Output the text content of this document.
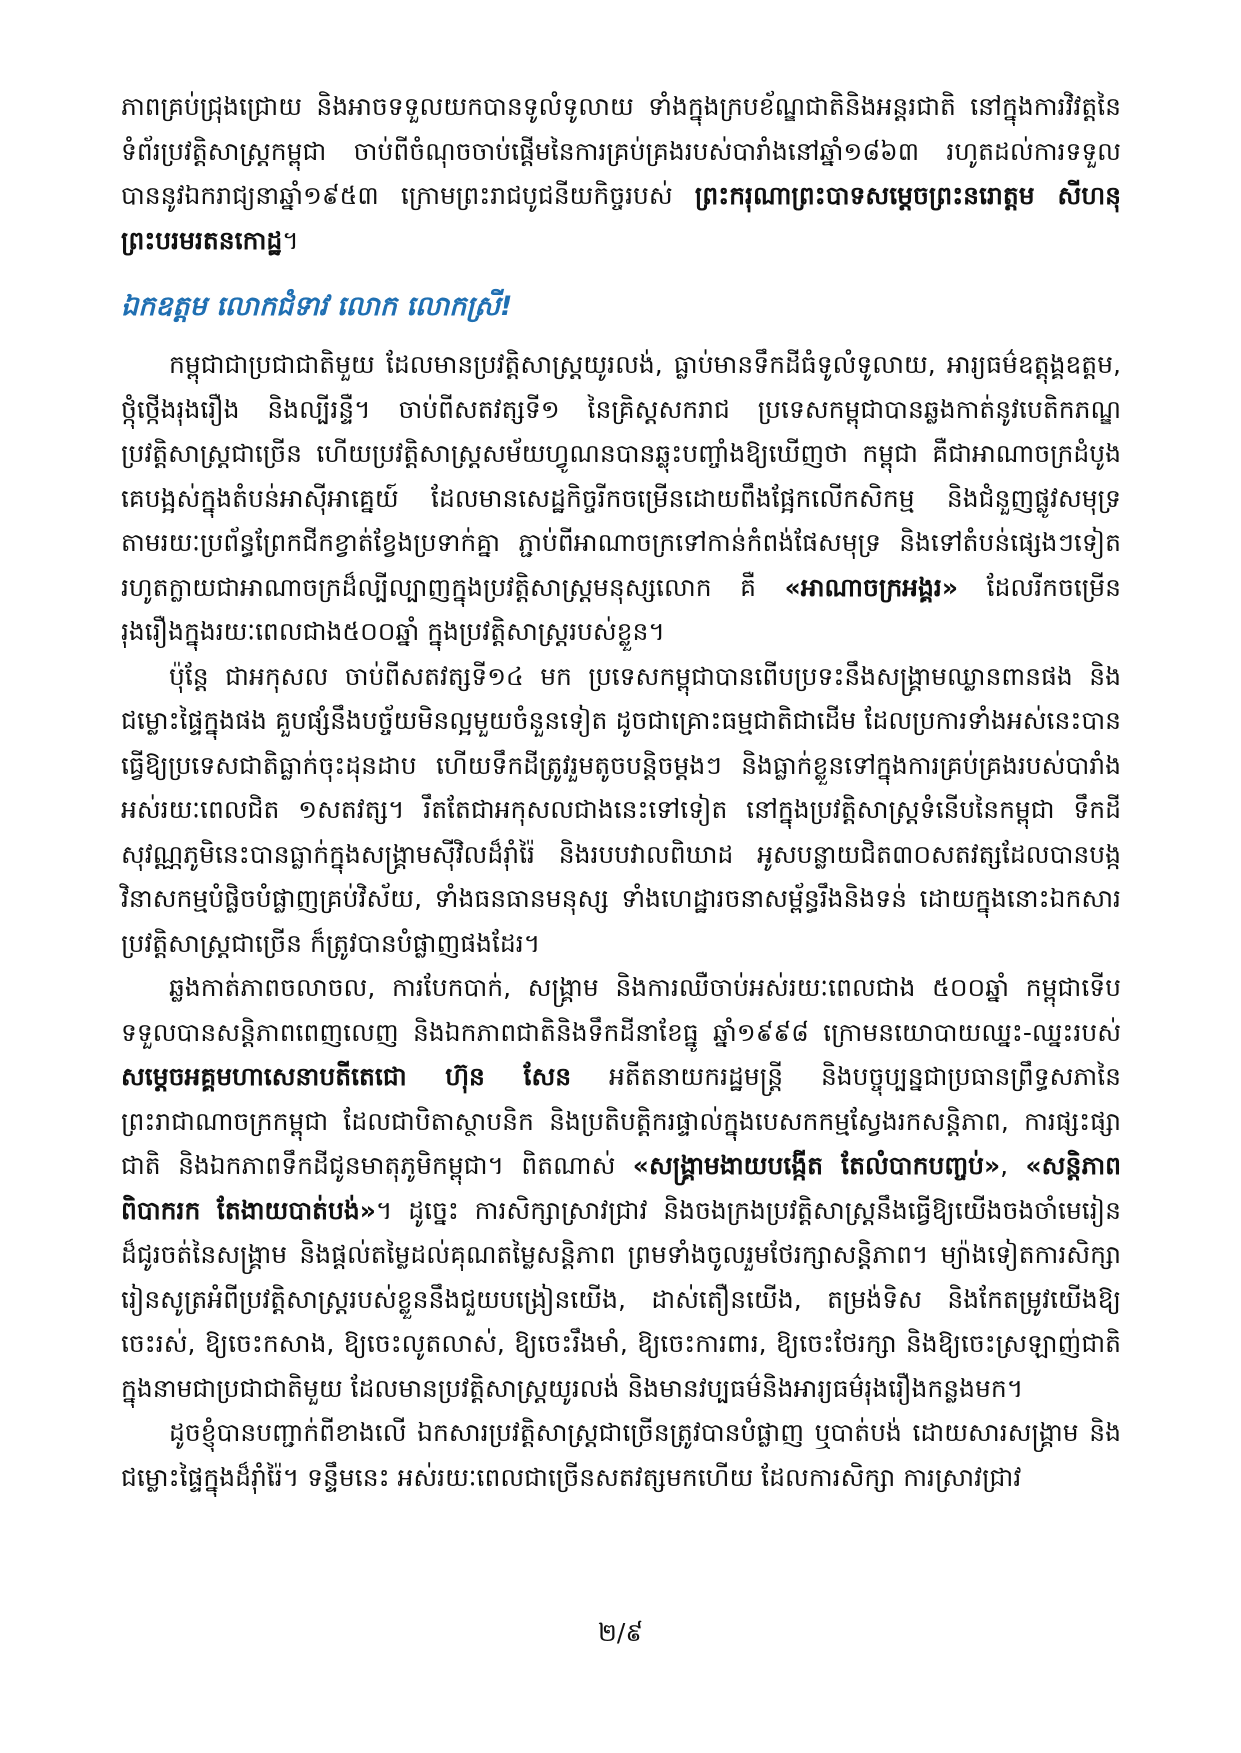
ភាពគ្រប់ជ្រុងជ្រោយ និងអាចទទួលយកបានទូលំទូលាយ ទាំងក្នុងក្របខ័ណ្ឌជាតិនិងអន្តរជាតិ នៅក្នុងការវិវត្តនៃទំព័រប្រវត្តិសាស្ត្រកម្ពុជា ចាប់ពីចំណុចចាប់ផ្ដើមនៃការគ្រប់គ្រងរបស់បារាំងនៅឆ្នាំ១៨៦៣ រហូតដល់ការទទួលបាននូវឯករាជ្យនាឆ្នាំ១៩៥៣ ក្រោមព្រះរាជបូជនីយកិច្ចរបស់ ព្រះករុណាព្រះបាទសម្ដេចព្រះនរោត្តម សីហនុ ព្រះបរមរតនកោដ្ឋ។

ឯកឧត្តម លោកជំទាវ លោក លោកស្រី!

កម្ពុជាជាប្រជាជាតិមួយ ដែលមានប្រវត្តិសាស្ត្រយូរលង់, ធ្លាប់មានទឹកដីធំទូលំទូលាយ, អារ្យធម៌ឧត្តុង្គឧត្តម, ថ្កុំថ្កើងរុងរឿង និងល្បីរន្ទឺ។ ចាប់ពីសតវត្សទី១ នៃគ្រិស្តសករាជ ប្រទេសកម្ពុជាបានឆ្លងកាត់នូវបេតិកភណ្ឌប្រវត្តិសាស្ត្រជាច្រើន ហើយប្រវត្តិសាស្ត្រសម័យហ្វូណនបានឆ្លុះបញ្ចាំងឱ្យឃើញថា កម្ពុជា គឺជាអាណាចក្រដំបូងគេបង្អស់ក្នុងតំបន់អាស៊ីអាគ្នេយ៍ ដែលមានសេដ្ឋកិច្ចរីកចម្រើនដោយពឹងផ្អែកលើកសិកម្ម និងជំនួញផ្លូវសមុទ្រតាមរយៈប្រព័ន្ធព្រែកជីកខ្វាត់ខ្វែងប្រទាក់គ្នា ភ្ជាប់ពីអាណាចក្រទៅកាន់កំពង់ផែសមុទ្រ និងទៅតំបន់ផ្សេងៗទៀត រហូតក្លាយជាអាណាចក្រដ៏ល្បីល្បាញក្នុងប្រវត្តិសាស្ត្រមនុស្សលោក គឺ «អាណាចក្រអង្គរ» ដែលរីកចម្រើនរុងរឿងក្នុងរយៈពេលជាង៥០០ឆ្នាំ ក្នុងប្រវត្តិសាស្ត្ររបស់ខ្លួន។

ប៉ុន្តែ ជាអកុសល ចាប់ពីសតវត្សទី១៤ មក ប្រទេសកម្ពុជាបានពើបប្រទះនឹងសង្គ្រាមឈ្លានពានផង និងជម្លោះផ្ទៃក្នុងផង គួបផ្សំនឹងបច្ច័យមិនល្អមួយចំនួនទៀត ដូចជាគ្រោះធម្មជាតិជាដើម ដែលប្រការទាំងអស់នេះបានធ្វើឱ្យប្រទេសជាតិធ្លាក់ចុះដុនដាប ហើយទឹកដីត្រូវរួមតូចបន្តិចម្ដងៗ និងធ្លាក់ខ្លួនទៅក្នុងការគ្រប់គ្រងរបស់បារាំងអស់រយៈពេលជិត ១សតវត្ស។ រឹតតែជាអកុសលជាងនេះទៅទៀត នៅក្នុងប្រវត្តិសាស្ត្រទំនើបនៃកម្ពុជា ទឹកដីសុវណ្ណភូមិនេះបានធ្លាក់ក្នុងសង្គ្រាមស៊ីវិលដ៏រ៉ាំរ៉ៃ និងរបបវាលពិឃាដ អូសបន្លាយជិត៣០សតវត្សដែលបានបង្កវិនាសកម្មបំផ្លិចបំផ្លាញគ្រប់វិស័យ, ទាំងធនធានមនុស្ស ទាំងហេដ្ឋារចនាសម្ព័ន្ធរឹងនិងទន់ ដោយក្នុងនោះឯកសារប្រវត្តិសាស្ត្រជាច្រើន ក៏ត្រូវបានបំផ្លាញផងដែរ។

ឆ្លងកាត់ភាពចលាចល, ការបែកបាក់, សង្គ្រាម និងការឈឺចាប់អស់រយៈពេលជាង ៥០០ឆ្នាំ កម្ពុជាទើបទទួលបានសន្តិភាពពេញលេញ និងឯកភាពជាតិនិងទឹកដីនាខែធ្នូ ឆ្នាំ១៩៩៨ ក្រោមនយោបាយឈ្នះ-ឈ្នះរបស់ សម្ដេចអគ្គមហាសេនាបតីតេជោ ហ៊ុន សែន អតីតនាយករដ្ឋមន្ត្រី និងបច្ចុប្បន្នជាប្រធានព្រឹទ្ធសភានៃព្រះរាជាណាចក្រកម្ពុជា ដែលជាបិតាស្ថាបនិក និងប្រតិបត្តិករផ្ទាល់ក្នុងបេសកកម្មស្វែងរកសន្តិភាព, ការផ្សះផ្សាជាតិ និងឯកភាពទឹកដីជូនមាតុភូមិកម្ពុជា។ ពិតណាស់ «សង្គ្រាមងាយបង្កើត តែលំបាកបញ្ចប់», «សន្តិភាពពិបាករក តែងាយបាត់បង់»។ ដូច្នេះ ការសិក្សាស្រាវជ្រាវ និងចងក្រងប្រវត្តិសាស្ត្រនឹងធ្វើឱ្យយើងចងចាំមេរៀនដ៏ជូរចត់នៃសង្គ្រាម និងផ្ដល់តម្លៃដល់គុណតម្លៃសន្តិភាព ព្រមទាំងចូលរួមថែរក្សាសន្តិភាព។ ម្យ៉ាងទៀតការសិក្សា រៀនសូត្រអំពីប្រវត្តិសាស្ត្ររបស់ខ្លួននឹងជួយបង្រៀនយើង, ដាស់តឿនយើង, តម្រង់ទិស និងកែតម្រូវយើងឱ្យចេះរស់, ឱ្យចេះកសាង, ឱ្យចេះលូតលាស់, ឱ្យចេះរឹងមាំ, ឱ្យចេះការពារ, ឱ្យចេះថែរក្សា និងឱ្យចេះស្រឡាញ់ជាតិ ក្នុងនាមជាប្រជាជាតិមួយ ដែលមានប្រវត្តិសាស្ត្រយូរលង់ និងមានវប្បធម៌និងអារ្យធម៌រុងរឿងកន្លងមក។

ដូចខ្ញុំបានបញ្ជាក់ពីខាងលើ ឯកសារប្រវត្តិសាស្ត្រជាច្រើនត្រូវបានបំផ្លាញ ឬបាត់បង់ ដោយសារសង្គ្រាម និងជម្លោះផ្ទៃក្នុងដ៏រ៉ាំរ៉ៃ។ ទន្ទឹមនេះ អស់រយៈពេលជាច្រើនសតវត្សមកហើយ ដែលការសិក្សា ការស្រាវជ្រាវ

២/៩
